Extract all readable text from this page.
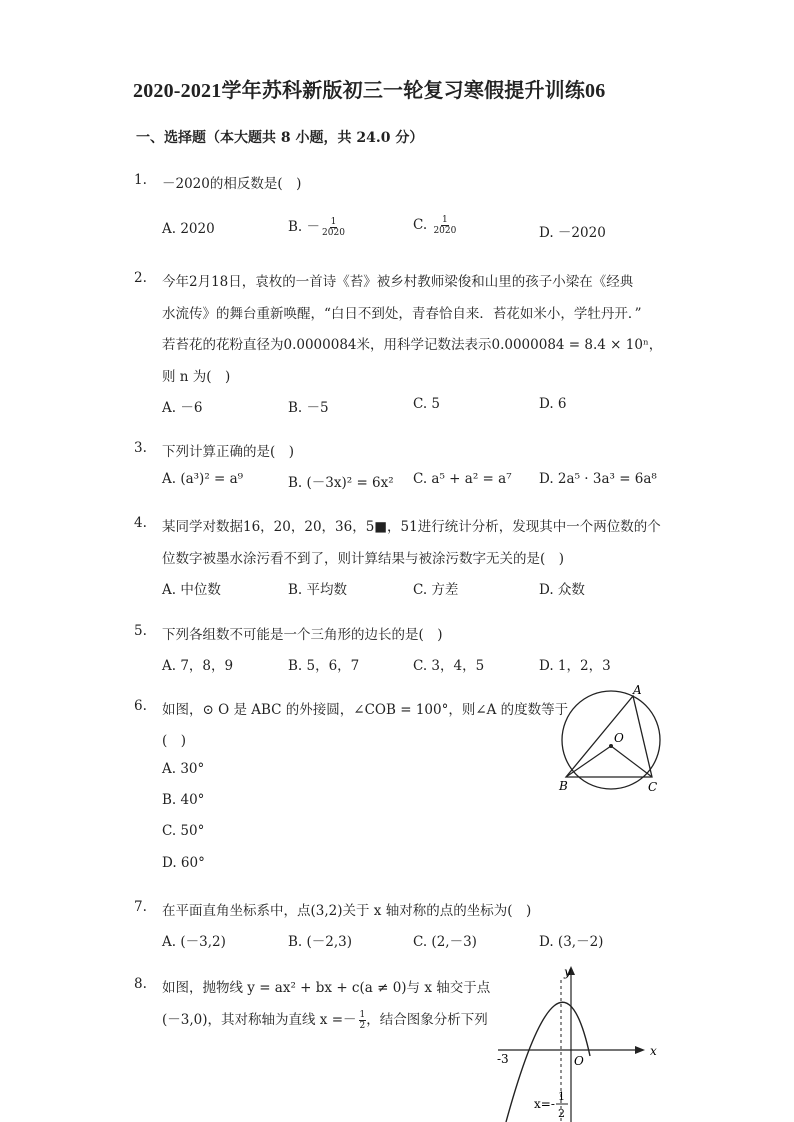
2020-2021学年苏科新版初三一轮复习寒假提升训练06
一、选择题（本大题共 8 小题，共 24.0 分）
1. －2020的相反数是(　)
A. 2020	B. － $\frac{1}{2020}$	C. $\frac{1}{2020}$	D. －2020
2. 今年2月18日，袁枚的一首诗《苔》被乡村教师梁俊和山里的孩子小梁在《经典
水流传》的舞台重新唤醒，“白日不到处，青春恰自来．苔花如米小，学牡丹开．”
若苔花的花粉直径为0.0000084米，用科学记数法表示0.0000084 = 8.4 × 10ⁿ，
则 n 为(　)
A. －6	B. －5	C. 5	D. 6
3. 下列计算正确的是(　)
A. (a³)² = a⁹	B. (－3x)² = 6x² C. a⁵ + a² = a⁷ D. 2a⁵ · 3a³ = 6a⁸
4. 某同学对数据16，20，20，36，5■，51进行统计分析，发现其中一个两位数的个
位数字被墨水涂污看不到了，则计算结果与被涂污数字无关的是(　)
A. 中位数	B. 平均数	C. 方差	D. 众数
5. 下列各组数不可能是一个三角形的边长的是(　)
A. 7，8，9	B. 5，6，7	C. 3，4，5	D. 1，2，3
6. 如图，⊙ O 是 ABC 的外接圆，∠COB = 100°，则∠A 的度数等于
(　)
A. 30°
B. 40°
C. 50°
D. 60°
A
O
B	C
7. 在平面直角坐标系中，点(3,2)关于 x 轴对称的点的坐标为(　)
A. (－3,2)	B. (－2,3)	C. (2,－3)	D. (3,－2)
8. 如图，抛物线 y = ax² + bx + c(a ≠ 0)与 x 轴交于点
(－3,0)，其对称轴为直线 $x =- \frac{1}{2}$ ，结合图象分析下列
y
x
O
-3
x=-
1
2
